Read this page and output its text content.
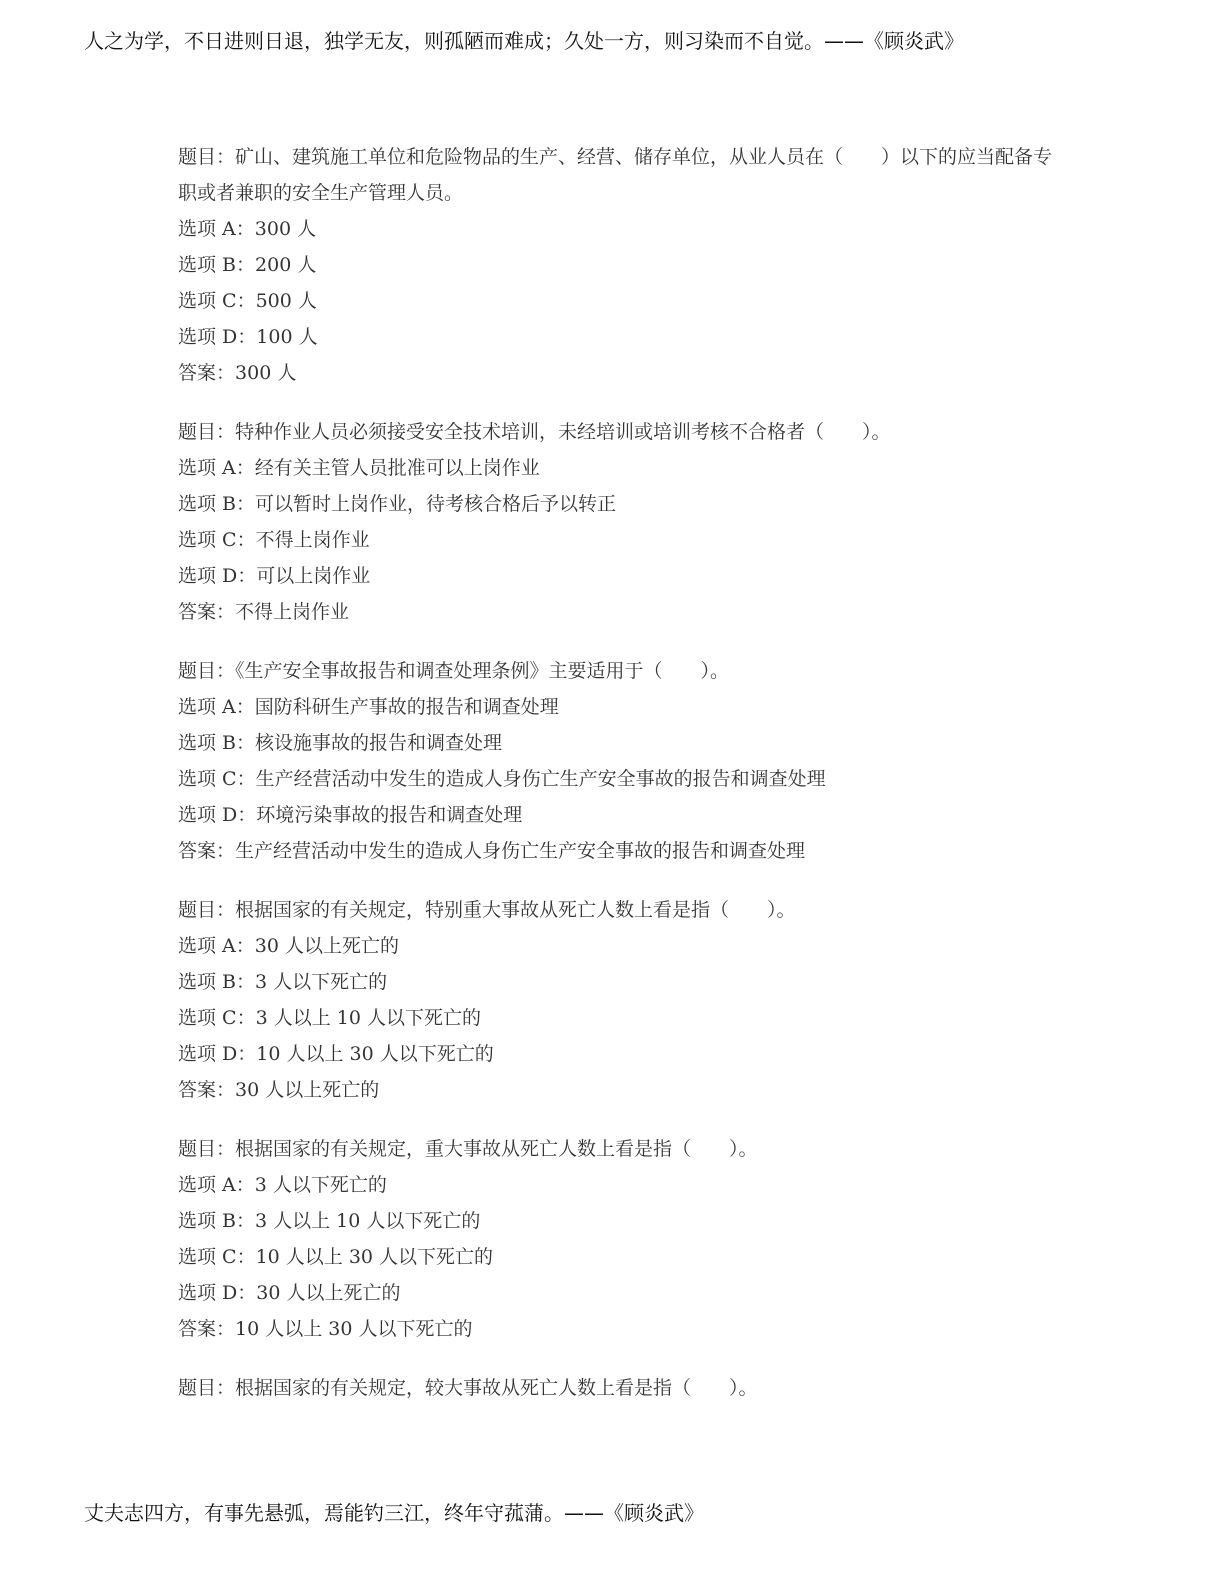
人之为学，不日进则日退，独学无友，则孤陋而难成；久处一方，则习染而不自觉。——《顾炎武》
题目：矿山、建筑施工单位和危险物品的生产、经营、储存单位，从业人员在（　　）以下的应当配备专职或者兼职的安全生产管理人员。
选项 A：300 人
选项 B：200 人
选项 C：500 人
选项 D：100 人
答案：300 人
题目：特种作业人员必须接受安全技术培训，未经培训或培训考核不合格者（　　）。
选项 A：经有关主管人员批准可以上岗作业
选项 B：可以暂时上岗作业，待考核合格后予以转正
选项 C：不得上岗作业
选项 D：可以上岗作业
答案：不得上岗作业
题目：《生产安全事故报告和调查处理条例》主要适用于（　　）。
选项 A：国防科研生产事故的报告和调查处理
选项 B：核设施事故的报告和调查处理
选项 C：生产经营活动中发生的造成人身伤亡生产安全事故的报告和调查处理
选项 D：环境污染事故的报告和调查处理
答案：生产经营活动中发生的造成人身伤亡生产安全事故的报告和调查处理
题目：根据国家的有关规定，特别重大事故从死亡人数上看是指（　　）。
选项 A：30 人以上死亡的
选项 B：3 人以下死亡的
选项 C：3 人以上 10 人以下死亡的
选项 D：10 人以上 30 人以下死亡的
答案：30 人以上死亡的
题目：根据国家的有关规定，重大事故从死亡人数上看是指（　　）。
选项 A：3 人以下死亡的
选项 B：3 人以上 10 人以下死亡的
选项 C：10 人以上 30 人以下死亡的
选项 D：30 人以上死亡的
答案：10 人以上 30 人以下死亡的
题目：根据国家的有关规定，较大事故从死亡人数上看是指（　　）。
丈夫志四方，有事先悬弧，焉能钓三江，终年守菰蒲。——《顾炎武》
